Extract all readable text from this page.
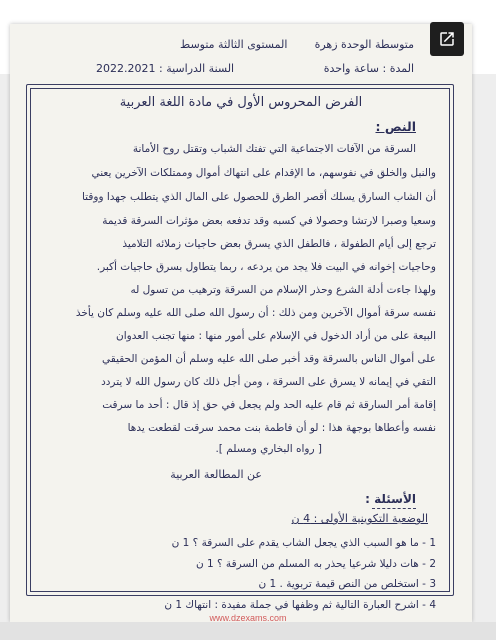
متوسطة الوحدة زهرة
المستوى الثالثة متوسط
المدة : ساعة واحدة
السنة الدراسية : 2022.2021
الفرض المحروس الأول في مادة اللغة العربية
النص :
السرقة من الآفات الاجتماعية التي تفتك الشباب وتقتل روح الأمانة
والنبل والخلق في نفوسهم، ما الإقدام على انتهاك أموال وممتلكات الآخرين يعني
أن الشاب السارق يسلك أقصر الطرق للحصول على المال الذي يتطلب جهدا ووقتا
وسعيا وصبرا لارتشا وحصولا في كسبه وقد تدفعه بعض مؤثرات السرقة قديمة
ترجع إلى أيام الطفولة ، فالطفل الذي يسرق بعض حاجيات زملائه التلاميذ
وحاجيات إخوانه في البيت فلا يجد من يردعه ، ربما يتطاول بسرق حاجيات أكبر.
ولهذا جاءت أدلة الشرع وحذر الإسلام من السرقة وترهيب من تسول له
نفسه سرقة أموال الآخرين ومن ذلك : أن رسول الله صلى الله عليه وسلم كان يأخذ
البيعة على من أراد الدخول في الإسلام على أمور منها : منها تجنب العدوان
على أموال الناس بالسرقة وقد أخبر صلى الله عليه وسلم أن المؤمن الحقيقي
التقي في إيمانه لا يسرق على السرقة ، ومن أجل ذلك كان رسول الله لا يتردد
إقامة أمر السارقة ثم قام عليه الحد ولم يجعل في حق إذ قال : أحد ما سرقت
نفسه وأعطاها بوجهة هذا : لو أن فاطمة بنت محمد سرقت لقطعت يدها
[ رواه البخاري ومسلم ].
عن المطالعة العربية
الأسئلة :
الوضعية التكوينية الأولى : 4 ن
1 - ما هو السبب الذي يجعل الشاب يقدم على السرقة ؟ 1 ن
2 - هات دليلا شرعيا يحذر به المسلم من السرقة ؟ 1 ن
3 - استخلص من النص قيمة تربوية . 1 ن
4 - اشرح العبارة التالية ثم وظفها في جملة مفيدة : انتهاك 1 ن
www.dzexams.com
